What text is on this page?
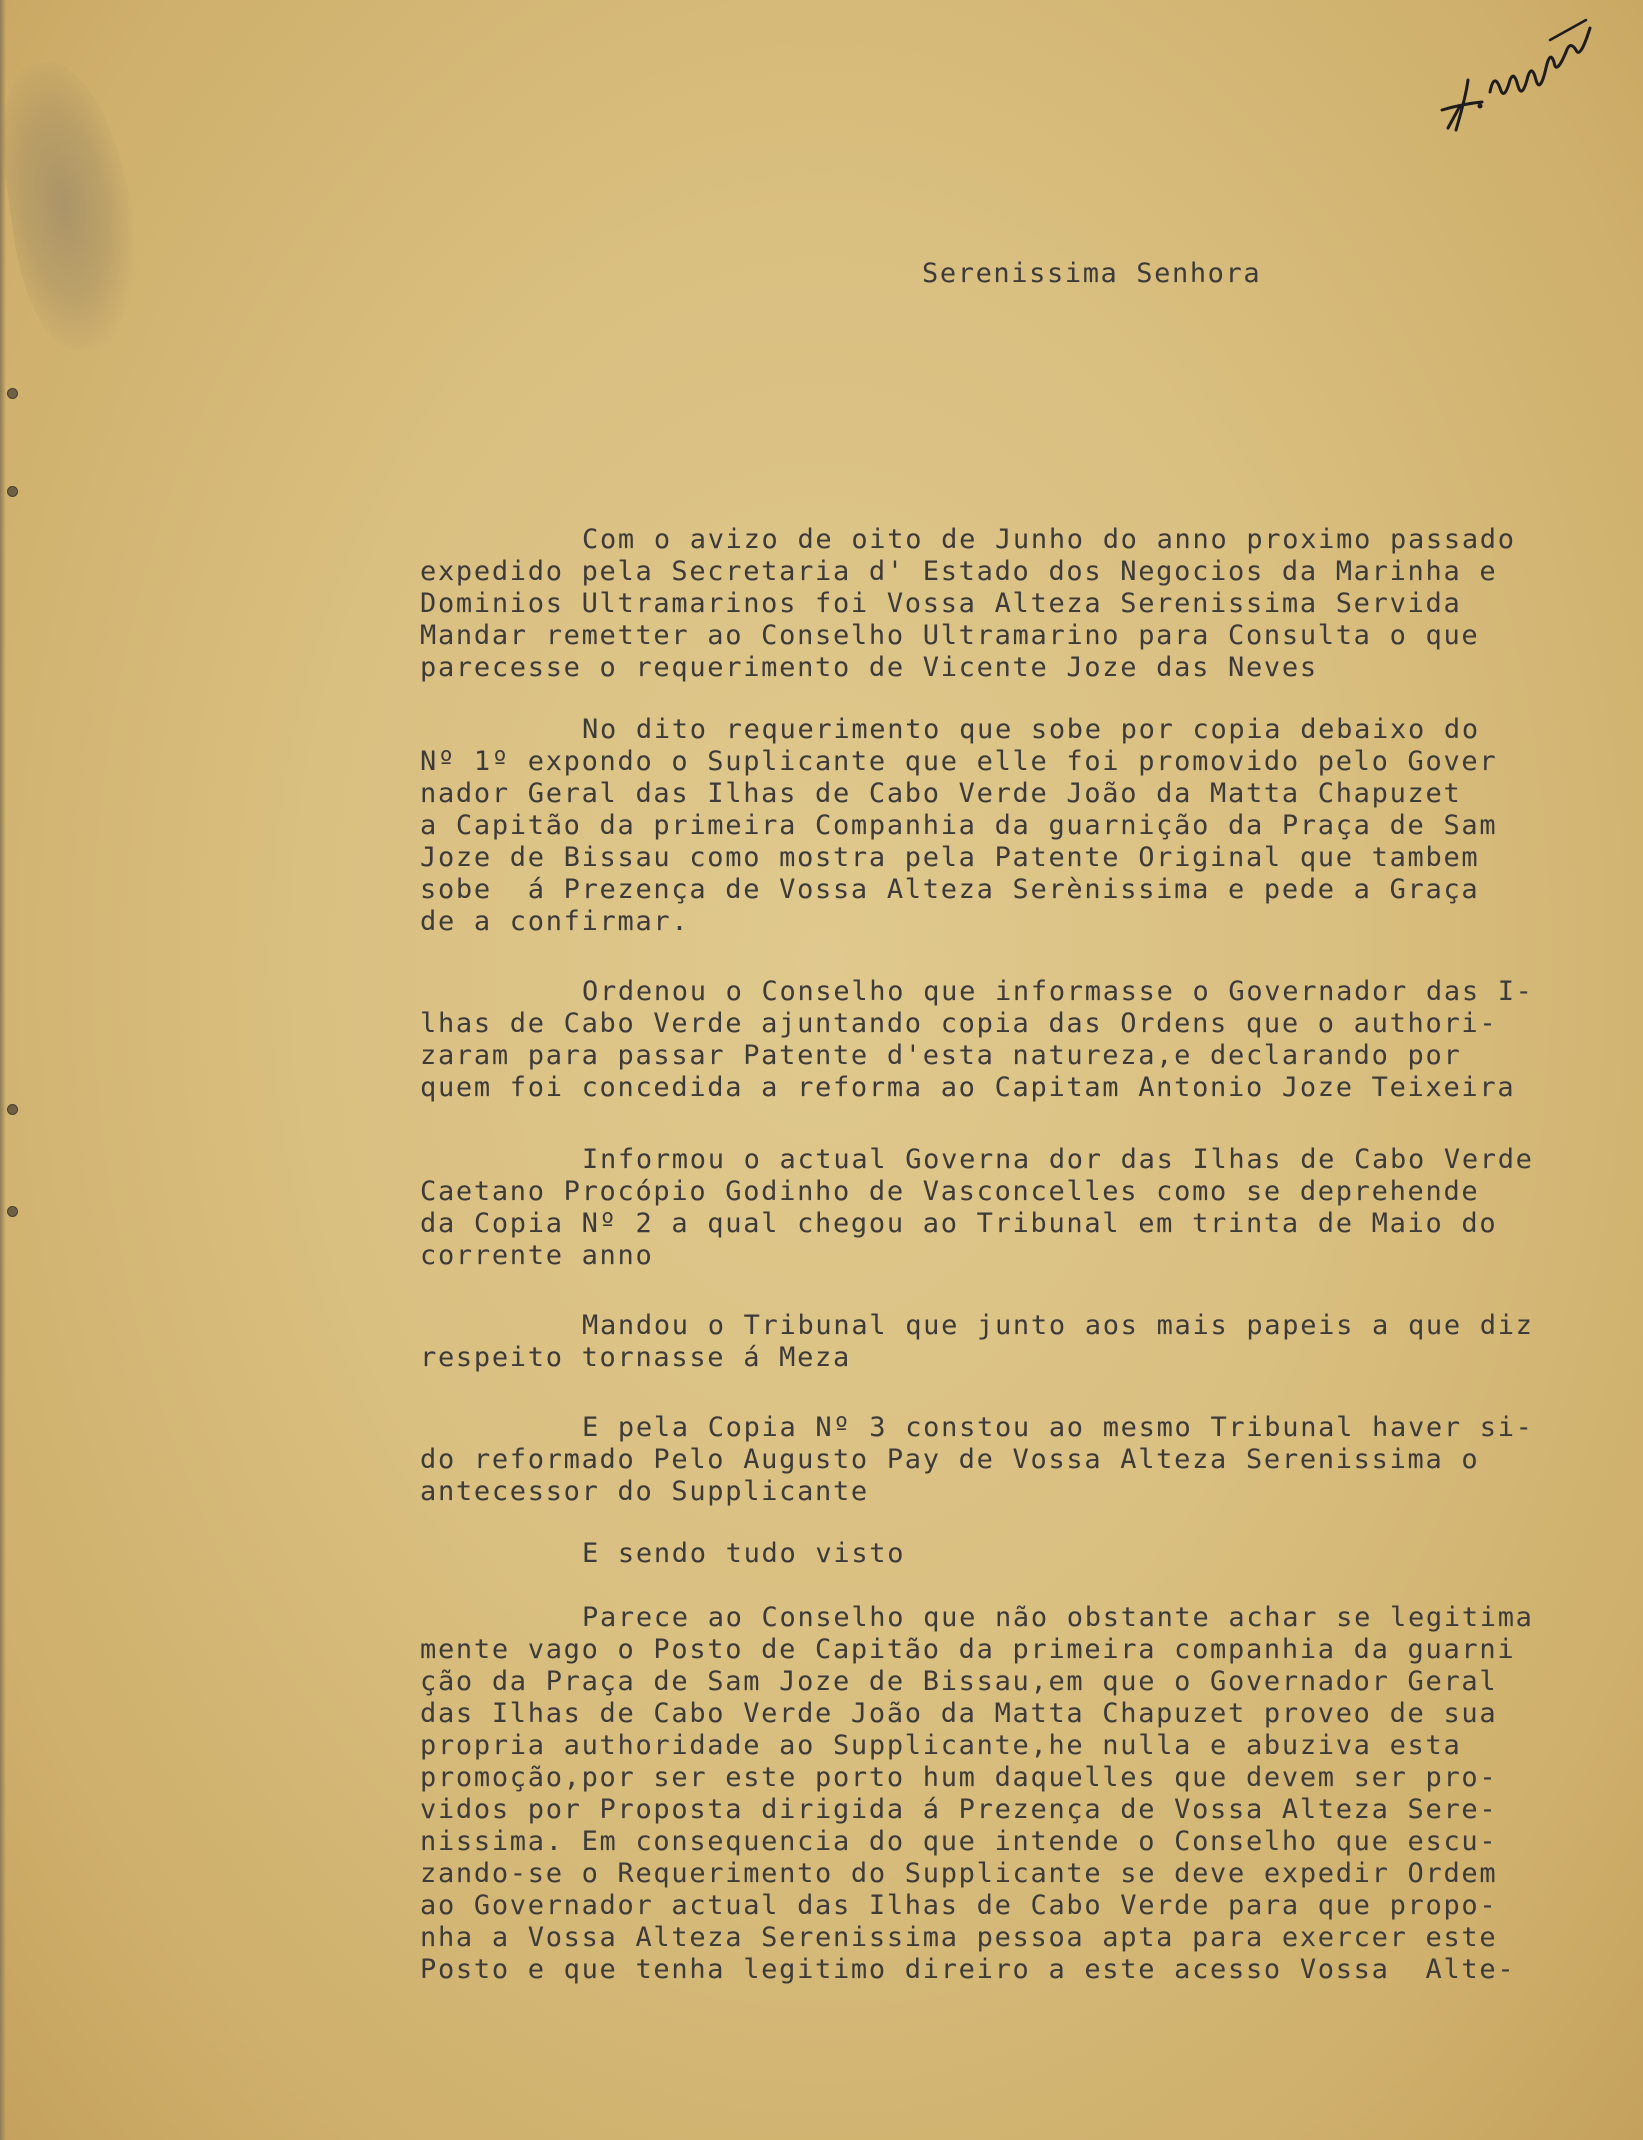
Serenissima Senhora
Com o avizo de oito de Junho do anno proximo passado
expedido pela Secretaria d' Estado dos Negocios da Marinha e
Dominios Ultramarinos foi Vossa Alteza Serenissima Servida
Mandar remetter ao Conselho Ultramarino para Consulta o que
parecesse o requerimento de Vicente Joze das Neves
No dito requerimento que sobe por copia debaixo do
Nº 1º expondo o Suplicante que elle foi promovido pelo Gover
nador Geral das Ilhas de Cabo Verde João da Matta Chapuzet
a Capitão da primeira Companhia da guarnição da Praça de Sam
Joze de Bissau como mostra pela Patente Original que tambem
sobe  á Prezença de Vossa Alteza Serènissima e pede a Graça
de a confirmar.
Ordenou o Conselho que informasse o Governador das I-
lhas de Cabo Verde ajuntando copia das Ordens que o authori-
zaram para passar Patente d'esta natureza,e declarando por
quem foi concedida a reforma ao Capitam Antonio Joze Teixeira
Informou o actual Governa dor das Ilhas de Cabo Verde
Caetano Procópio Godinho de Vasconcelles como se deprehende
da Copia Nº 2 a qual chegou ao Tribunal em trinta de Maio do
corrente anno
Mandou o Tribunal que junto aos mais papeis a que diz
respeito tornasse á Meza
E pela Copia Nº 3 constou ao mesmo Tribunal haver si-
do reformado Pelo Augusto Pay de Vossa Alteza Serenissima o
antecessor do Supplicante
E sendo tudo visto
Parece ao Conselho que não obstante achar se legitima
mente vago o Posto de Capitão da primeira companhia da guarni
ção da Praça de Sam Joze de Bissau,em que o Governador Geral
das Ilhas de Cabo Verde João da Matta Chapuzet proveo de sua
propria authoridade ao Supplicante,he nulla e abuziva esta
promoção,por ser este porto hum daquelles que devem ser pro-
vidos por Proposta dirigida á Prezença de Vossa Alteza Sere-
nissima. Em consequencia do que intende o Conselho que escu-
zando-se o Requerimento do Supplicante se deve expedir Ordem
ao Governador actual das Ilhas de Cabo Verde para que propo-
nha a Vossa Alteza Serenissima pessoa apta para exercer este
Posto e que tenha legitimo direiro a este acesso Vossa  Alte-
